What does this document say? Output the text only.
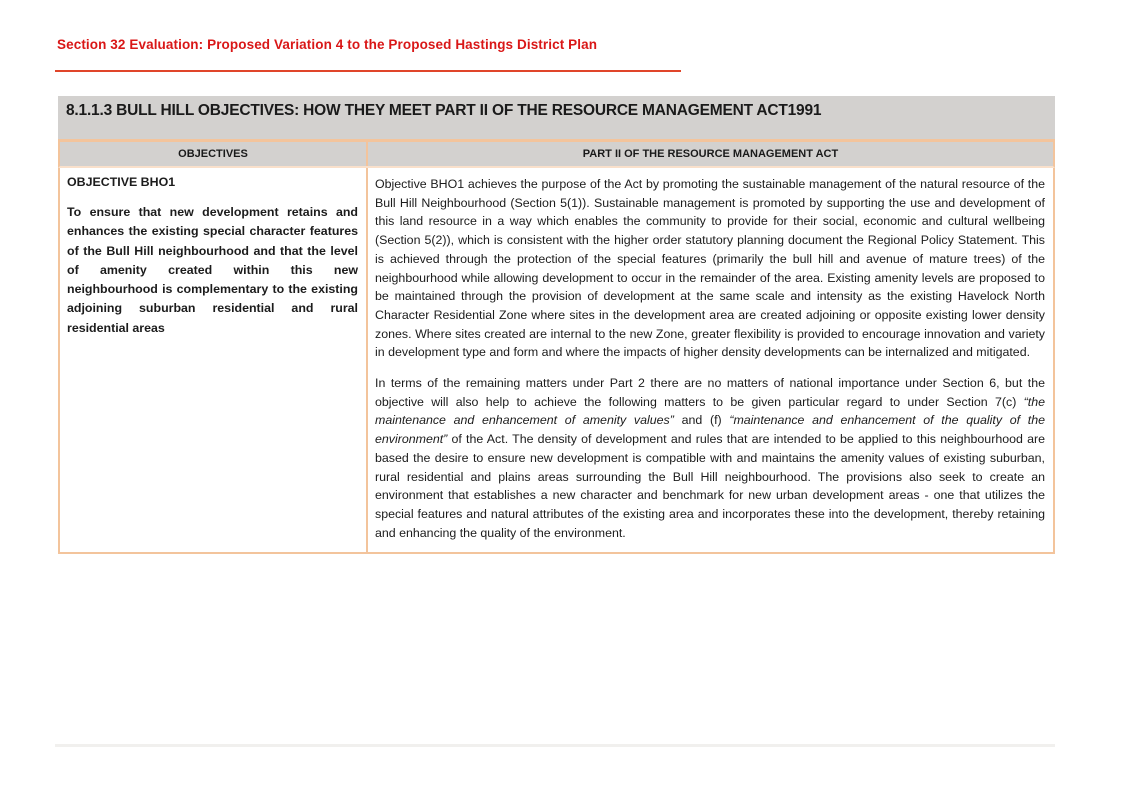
Section 32 Evaluation: Proposed Variation 4 to the Proposed Hastings District Plan
8.1.1.3 BULL HILL OBJECTIVES: HOW THEY MEET PART II OF THE RESOURCE MANAGEMENT ACT1991
OBJECTIVES	PART II OF THE RESOURCE MANAGEMENT ACT
OBJECTIVE BHO1
To ensure that new development retains and enhances the existing special character features of the Bull Hill neighbourhood and that the level of amenity created within this new neighbourhood is complementary to the existing adjoining suburban residential and rural residential areas

Objective BHO1 achieves the purpose of the Act by promoting the sustainable management of the natural resource of the Bull Hill Neighbourhood (Section 5(1)). Sustainable management is promoted by supporting the use and development of this land resource in a way which enables the community to provide for their social, economic and cultural wellbeing (Section 5(2)), which is consistent with the higher order statutory planning document the Regional Policy Statement. This is achieved through the protection of the special features (primarily the bull hill and avenue of mature trees) of the neighbourhood while allowing development to occur in the remainder of the area. Existing amenity levels are proposed to be maintained through the provision of development at the same scale and intensity as the existing Havelock North Character Residential Zone where sites in the development area are created adjoining or opposite existing lower density zones. Where sites created are internal to the new Zone, greater flexibility is provided to encourage innovation and variety in development type and form and where the impacts of higher density developments can be internalized and mitigated.

In terms of the remaining matters under Part 2 there are no matters of national importance under Section 6, but the objective will also help to achieve the following matters to be given particular regard to under Section 7(c) “the maintenance and enhancement of amenity values” and (f) “maintenance and enhancement of the quality of the environment” of the Act. The density of development and rules that are intended to be applied to this neighbourhood are based the desire to ensure new development is compatible with and maintains the amenity values of existing suburban, rural residential and plains areas surrounding the Bull Hill neighbourhood. The provisions also seek to create an environment that establishes a new character and benchmark for new urban development areas - one that utilizes the special features and natural attributes of the existing area and incorporates these into the development, thereby retaining and enhancing the quality of the environment.
